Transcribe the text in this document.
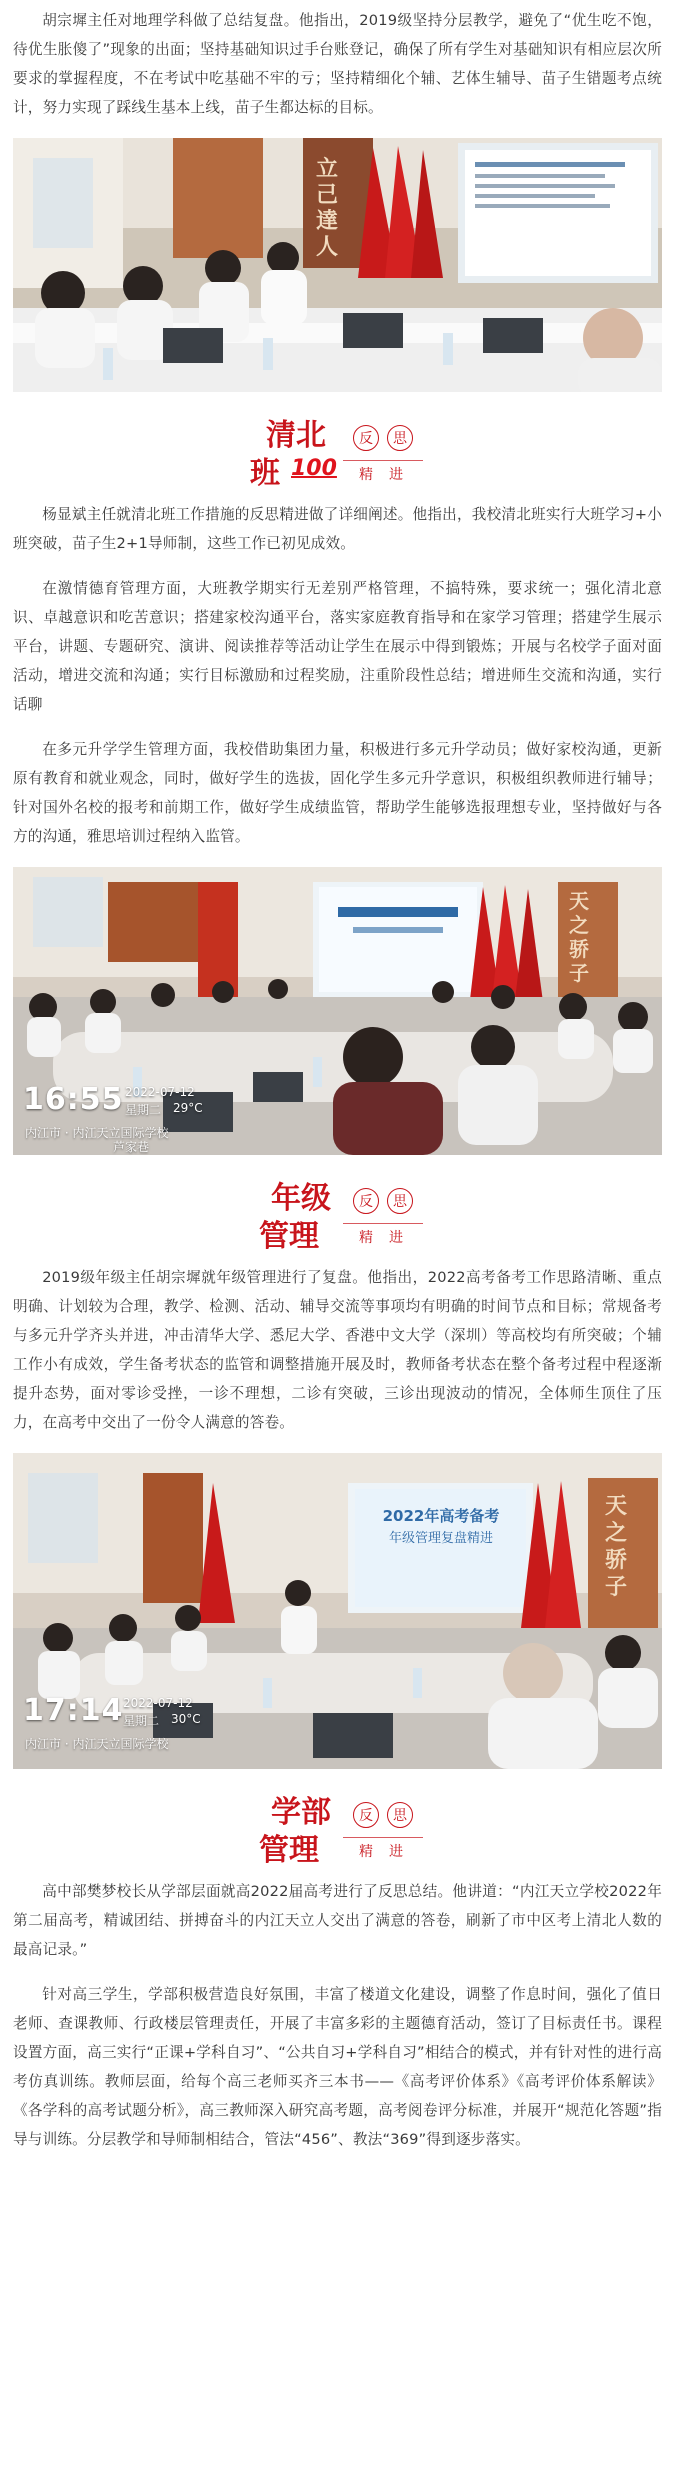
胡宗墀主任对地理学科做了总结复盘。他指出，2019级坚持分层教学，避免了“优生吃不饱，待优生胀傻了”现象的出面；坚持基础知识过手台账登记，确保了所有学生对基础知识有相应层次所要求的掌握程度，不在考试中吃基础不牢的亏；坚持精细化个辅、艺体生辅导、苗子生错题考点统计，努力实现了踩线生基本上线，苗子生都达标的目标。

立己達人
清北
班 100
反	思
精 进

杨显斌主任就清北班工作措施的反思精进做了详细阐述。他指出，我校清北班实行大班学习+小班突破，苗子生2+1导师制，这些工作已初见成效。

在激情德育管理方面，大班教学期实行无差别严格管理，不搞特殊，要求统一；强化清北意识、卓越意识和吃苦意识；搭建家校沟通平台，落实家庭教育指导和在家学习管理；搭建学生展示平台，讲题、专题研究、演讲、阅读推荐等活动让学生在展示中得到锻炼；开展与名校学子面对面活动，增进交流和沟通；实行目标激励和过程奖励，注重阶段性总结；增进师生交流和沟通，实行话聊

在多元升学学生管理方面，我校借助集团力量，积极进行多元升学动员；做好家校沟通，更新原有教育和就业观念，同时，做好学生的选拔，固化学生多元升学意识，积极组织教师进行辅导；针对国外名校的报考和前期工作，做好学生成绩监管，帮助学生能够选报理想专业，坚持做好与各方的沟通，雅思培训过程纳入监管。

天之骄子
16:55 2022-07-12
星期二 29°C
内江市 · 内江天立国际学校
芦家巷
年级
管理
反	思
精 进

2019级年级主任胡宗墀就年级管理进行了复盘。他指出，2022高考备考工作思路清晰、重点明确、计划较为合理，教学、检测、活动、辅导交流等事项均有明确的时间节点和目标；常规备考与多元升学齐头并进，冲击清华大学、悉尼大学、香港中文大学（深圳）等高校均有所突破；个辅工作小有成效，学生备考状态的监管和调整措施开展及时，教师备考状态在整个备考过程中程逐渐提升态势，面对零诊受挫，一诊不理想，二诊有突破，三诊出现波动的情况，全体师生顶住了压力，在高考中交出了一份令人满意的答卷。

2022年高考备考
年级管理复盘精进
天之骄子
17:14 2022-07-12
星期二 30°C
内江市 · 内江天立国际学校
学部
管理
反	思
精 进

高中部樊梦校长从学部层面就高2022届高考进行了反思总结。他讲道：“内江天立学校2022年第二届高考，精诚团结、拼搏奋斗的内江天立人交出了满意的答卷，刷新了市中区考上清北人数的最高记录。”

针对高三学生，学部积极营造良好氛围，丰富了楼道文化建设，调整了作息时间，强化了值日老师、查课教师、行政楼层管理责任，开展了丰富多彩的主题德育活动，签订了目标责任书。课程设置方面，高三实行“正课+学科自习”、“公共自习+学科自习”相结合的模式，并有针对性的进行高考仿真训练。教师层面，给每个高三老师买齐三本书——《高考评价体系》《高考评价体系解读》《各学科的高考试题分析》，高三教师深入研究高考题，高考阅卷评分标准，并展开“规范化答题”指导与训练。分层教学和导师制相结合，管法“456”、教法“369”得到逐步落实。
